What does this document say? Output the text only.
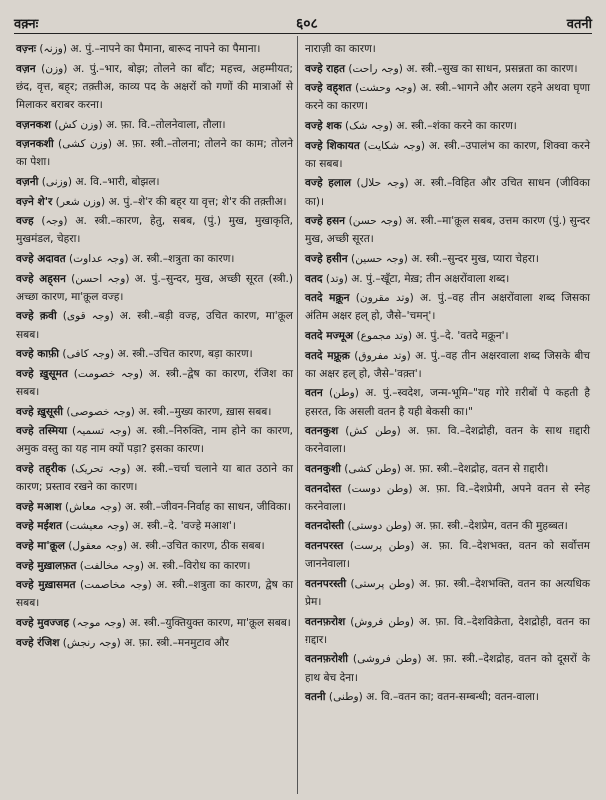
वक़्नः	६०८	वतनी
वज़्नः (وزنہ) अ. पुं.–नापने का पैमाना, बारूद नापने का पैमाना।
वज़न (وزن) अ. पुं.–भार, बोझ; तोलने का बाँट; महत्त्व, अहम्मीयत; छंद, वृत्त, बह्‌र; तक़्तीअ, काव्य पद के अक्षरों को गणों की मात्राओं से मिलाकर बराबर करना।
वज़नकश (وزن کش) अ. फ़ा. वि.–तोलनेवाला, तौला।
वज़नकशी (وزن کشی) अ. फ़ा. स्त्री.–तोलना; तोलने का काम; तोलने का पेशा।
वज़नी (وزنی) अ. वि.–भारी, बोझल।
वज़्ने शे'र (وزن شعر) अ. पुं.–शे'र की बह्‌र या वृत्त; शे'र की तक़्तीअ।
वज्ह (وجہ) अ. स्त्री.–कारण, हेतु, सबब, (पुं.) मुख, मुखाकृति, मुखमंडल, चेहरा।
वज्हे अदावत (وجہ عداوت) अ. स्त्री.–शत्रुता का कारण।
वज्हे अह्‌सन (وجہ احسن) अ. पुं.–सुन्दर, मुख, अच्छी सूरत (स्त्री.) अच्छा कारण, मा'क़ूल वज्ह।
वज्हे क़वी (وجہ قوی) अ. स्त्री.–बड़ी वज्ह, उचित कारण, मा'क़ूल सबब।
वज्हे काफ़ी (وجہ کافی) अ. स्त्री.–उचित कारण, बड़ा कारण।
वज्हे ख़ुसूमत (وجہ خصومت) अ. स्त्री.–द्वेष का कारण, रंजिश का सबब।
वज्हे ख़ुसूसी (وجہ خصوصی) अ. स्त्री.–मुख्य कारण, ख़ास सबब।
वज्हे तस्मिया (وجہ تسمیہ) अ. स्त्री.–निरुक्ति, नाम होने का कारण, अमुक वस्तु का यह नाम क्यों पड़ा? इसका कारण।
वज्हे तह्‌रीक (وجہ تحریک) अ. स्त्री.–चर्चा चलाने या बात उठाने का कारण; प्रस्ताव रखने का कारण।
वज्हे मआश (وجہ معاش) अ. स्त्री.–जीवन-निर्वाह का साधन, जीविका।
वज्हे मईशत (وجہ معیشت) अ. स्त्री.–दे. 'वज्हे मआश'।
वज्हे मा'क़ूल (وجہ معقول) अ. स्त्री.–उचित कारण, ठीक सबब।
वज्हे मुख़ालफ़त (وجہ مخالفت) अ. स्त्री.–विरोध का कारण।
वज्हे मुख़ासमत (وجہ مخاصمت) अ. स्त्री.–शत्रुता का कारण, द्वेष का सबब।
वज्हे मुवज्जह (وجہ موجہ) अ. स्त्री.–युक्तियुक्त कारण, मा'क़ूल सबब।
वज्हे रंजिश (وجہ رنجش) अ. फ़ा. स्त्री.–मनमुटाव और
नाराज़ी का कारण।
वज्हे राहत (وجہ راحت) अ. स्त्री.–सुख का साधन, प्रसन्नता का कारण।
वज्हे वह्‌शत (وجہ وحشت) अ. स्त्री.–भागने और अलग रहने अथवा घृणा करने का कारण।
वज्हे शक (وجہ شک) अ. स्त्री.–शंका करने का कारण।
वज्हे शिकायत (وجہ شکایت) अ. स्त्री.–उपालंभ का कारण, शिक्वा करने का सबब।
वज्हे हलाल (وجہ حلال) अ. स्त्री.–विहित और उचित साधन (जीविका का)।
वज्हे हसन (وجہ حسن) अ. स्त्री.–मा'क़ूल सबब, उत्तम कारण (पुं.) सुन्दर मुख, अच्छी सूरत।
वज्हे हसीन (وجہ حسین) अ. स्त्री.–सुन्दर मुख, प्यारा चेहरा।
वतद (وتد) अ. पुं.–खूँटा, मेख़; तीन अक्षरोंवाला शब्द।
वतदे मक़्रून (وتد مقرون) अ. पुं.–वह तीन अक्षरोंवाला शब्द जिसका अंतिम अक्षर हल्‌ हो, जैसे–'चमन्'।
वतदे मज्मूअ (وتد مجموع) अ. पुं.–दे. 'वतदे मक़्रून'।
वतदे मफ़्रूक़ (وتد مفروق) अ. पुं.–वह तीन अक्षरवाला शब्द जिसके बीच का अक्षर हल्‌ हो, जैसे–'वक़्त'।
वतन (وطن) अ. पुं.–स्वदेश, जन्म-भूमि–"यह गोरे ग़रीबों पे कहती है हसरत, कि असली वतन है यही बेकसी का।"
वतनकुश (وطن کش) अ. फ़ा. वि.–देशद्रोही, वतन के साथ ग़द्दारी करनेवाला।
वतनकुशी (وطن کشی) अ. फ़ा. स्त्री.–देशद्रोह, वतन से ग़द्दारी।
वतनदोस्त (وطن دوست) अ. फ़ा. वि.–देशप्रेमी, अपने वतन से स्नेह करनेवाला।
वतनदोस्ती (وطن دوستی) अ. फ़ा. स्त्री.–देशप्रेम, वतन की मुहब्बत।
वतनपरस्त (وطن پرست) अ. फ़ा. वि.–देशभक्त, वतन को सर्वोत्तम जाननेवाला।
वतनपरस्ती (وطن پرستی) अ. फ़ा. स्त्री.–देशभक्ति, वतन का अत्यधिक प्रेम।
वतनफ़रोश (وطن فروش) अ. फ़ा. वि.–देशविक्रेता, देशद्रोही, वतन का ग़द्दार।
वतनफ़रोशी (وطن فروشی) अ. फ़ा. स्त्री.–देशद्रोह, वतन को दूसरों के हाथ बेच देना।
वतनी (وطنی) अ. वि.–वतन का; वतन-सम्बन्धी; वतन-वाला।
